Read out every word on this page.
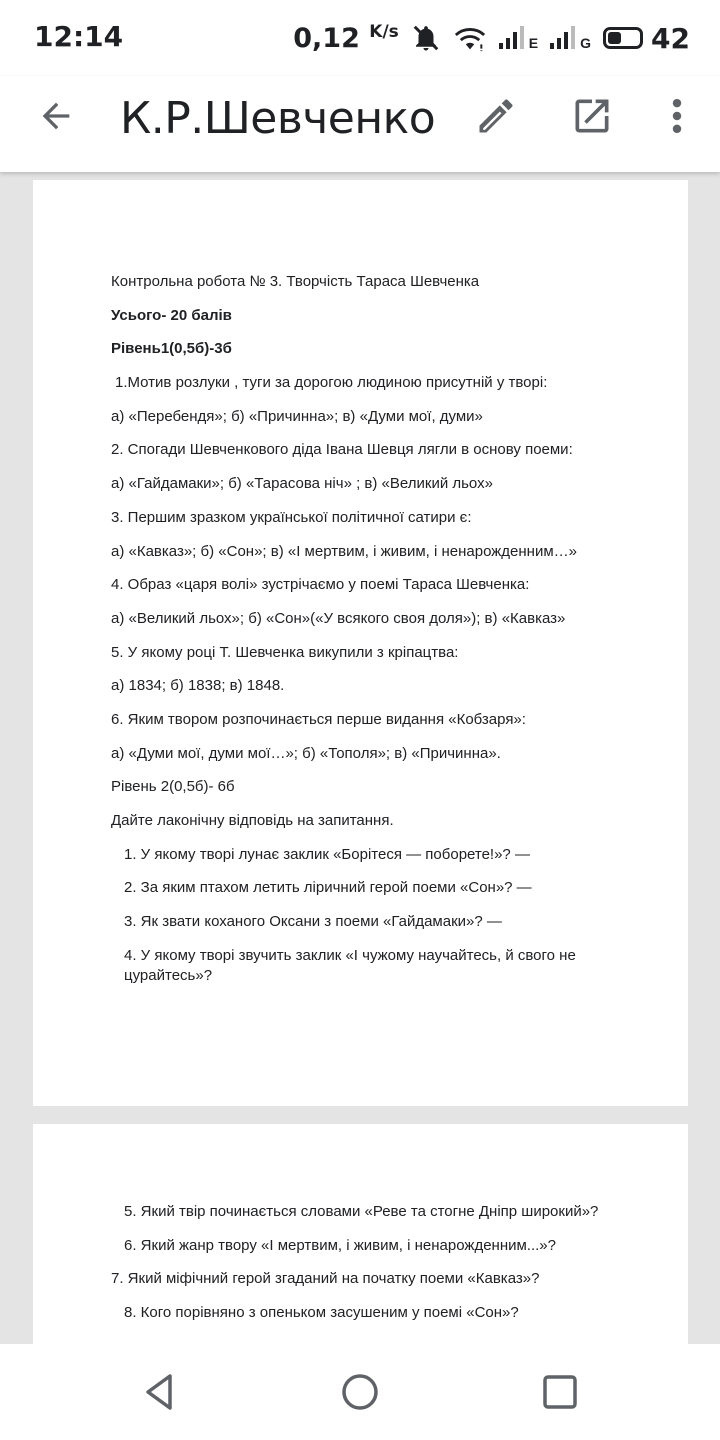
12:14	0,12 $^{K/s}$
E	G 42
К.Р.Шевченко

Контрольна робота № 3. Творчість Тараса Шевченка

Усього- 20 балів

Рівень1(0,5б)-3б

1.Мотив розлуки , туги за дорогою людиною присутній у творі:

а) «Перебендя»; б) «Причинна»; в) «Думи мої, думи»

2. Спогади Шевченкового діда Івана Шевця лягли в основу поеми:

а) «Гайдамаки»; б) «Тарасова ніч» ; в) «Великий льох»

3. Першим зразком української політичної сатири є:

а) «Кавказ»; б) «Сон»; в) «І мертвим, і живим, і ненарожденним…»

4. Образ «царя волі» зустрічаємо у поемі Тараса Шевченка:

а) «Великий льох»; б) «Сон»(«У всякого своя доля»); в) «Кавказ»

5. У якому році Т. Шевченка викупили з кріпацтва:

а) 1834; б) 1838; в) 1848.

6. Яким твором розпочинається перше видання «Кобзаря»:

а) «Думи мої, думи мої…»; б) «Тополя»; в) «Причинна».

Рівень 2(0,5б)- 6б

Дайте лаконічну відповідь на запитання.

1. У якому творі лунає заклик «Борітеся — поборете!»? —

2. За яким птахом летить ліричний герой поеми «Сон»? —

3. Як звати коханого Оксани з поеми «Гайдамаки»? —

4. У якому творі звучить заклик «І чужому научайтесь, й свого не цурайтесь»?

5. Який твір починається словами «Реве та стогне Дніпр широкий»?

6. Який жанр твору «І мертвим, і живим, і ненарожденним...»?

7. Який міфічний герой згаданий на початку поеми «Кавказ»?

8. Кого порівняно з опеньком засушеним у поемі «Сон»?
